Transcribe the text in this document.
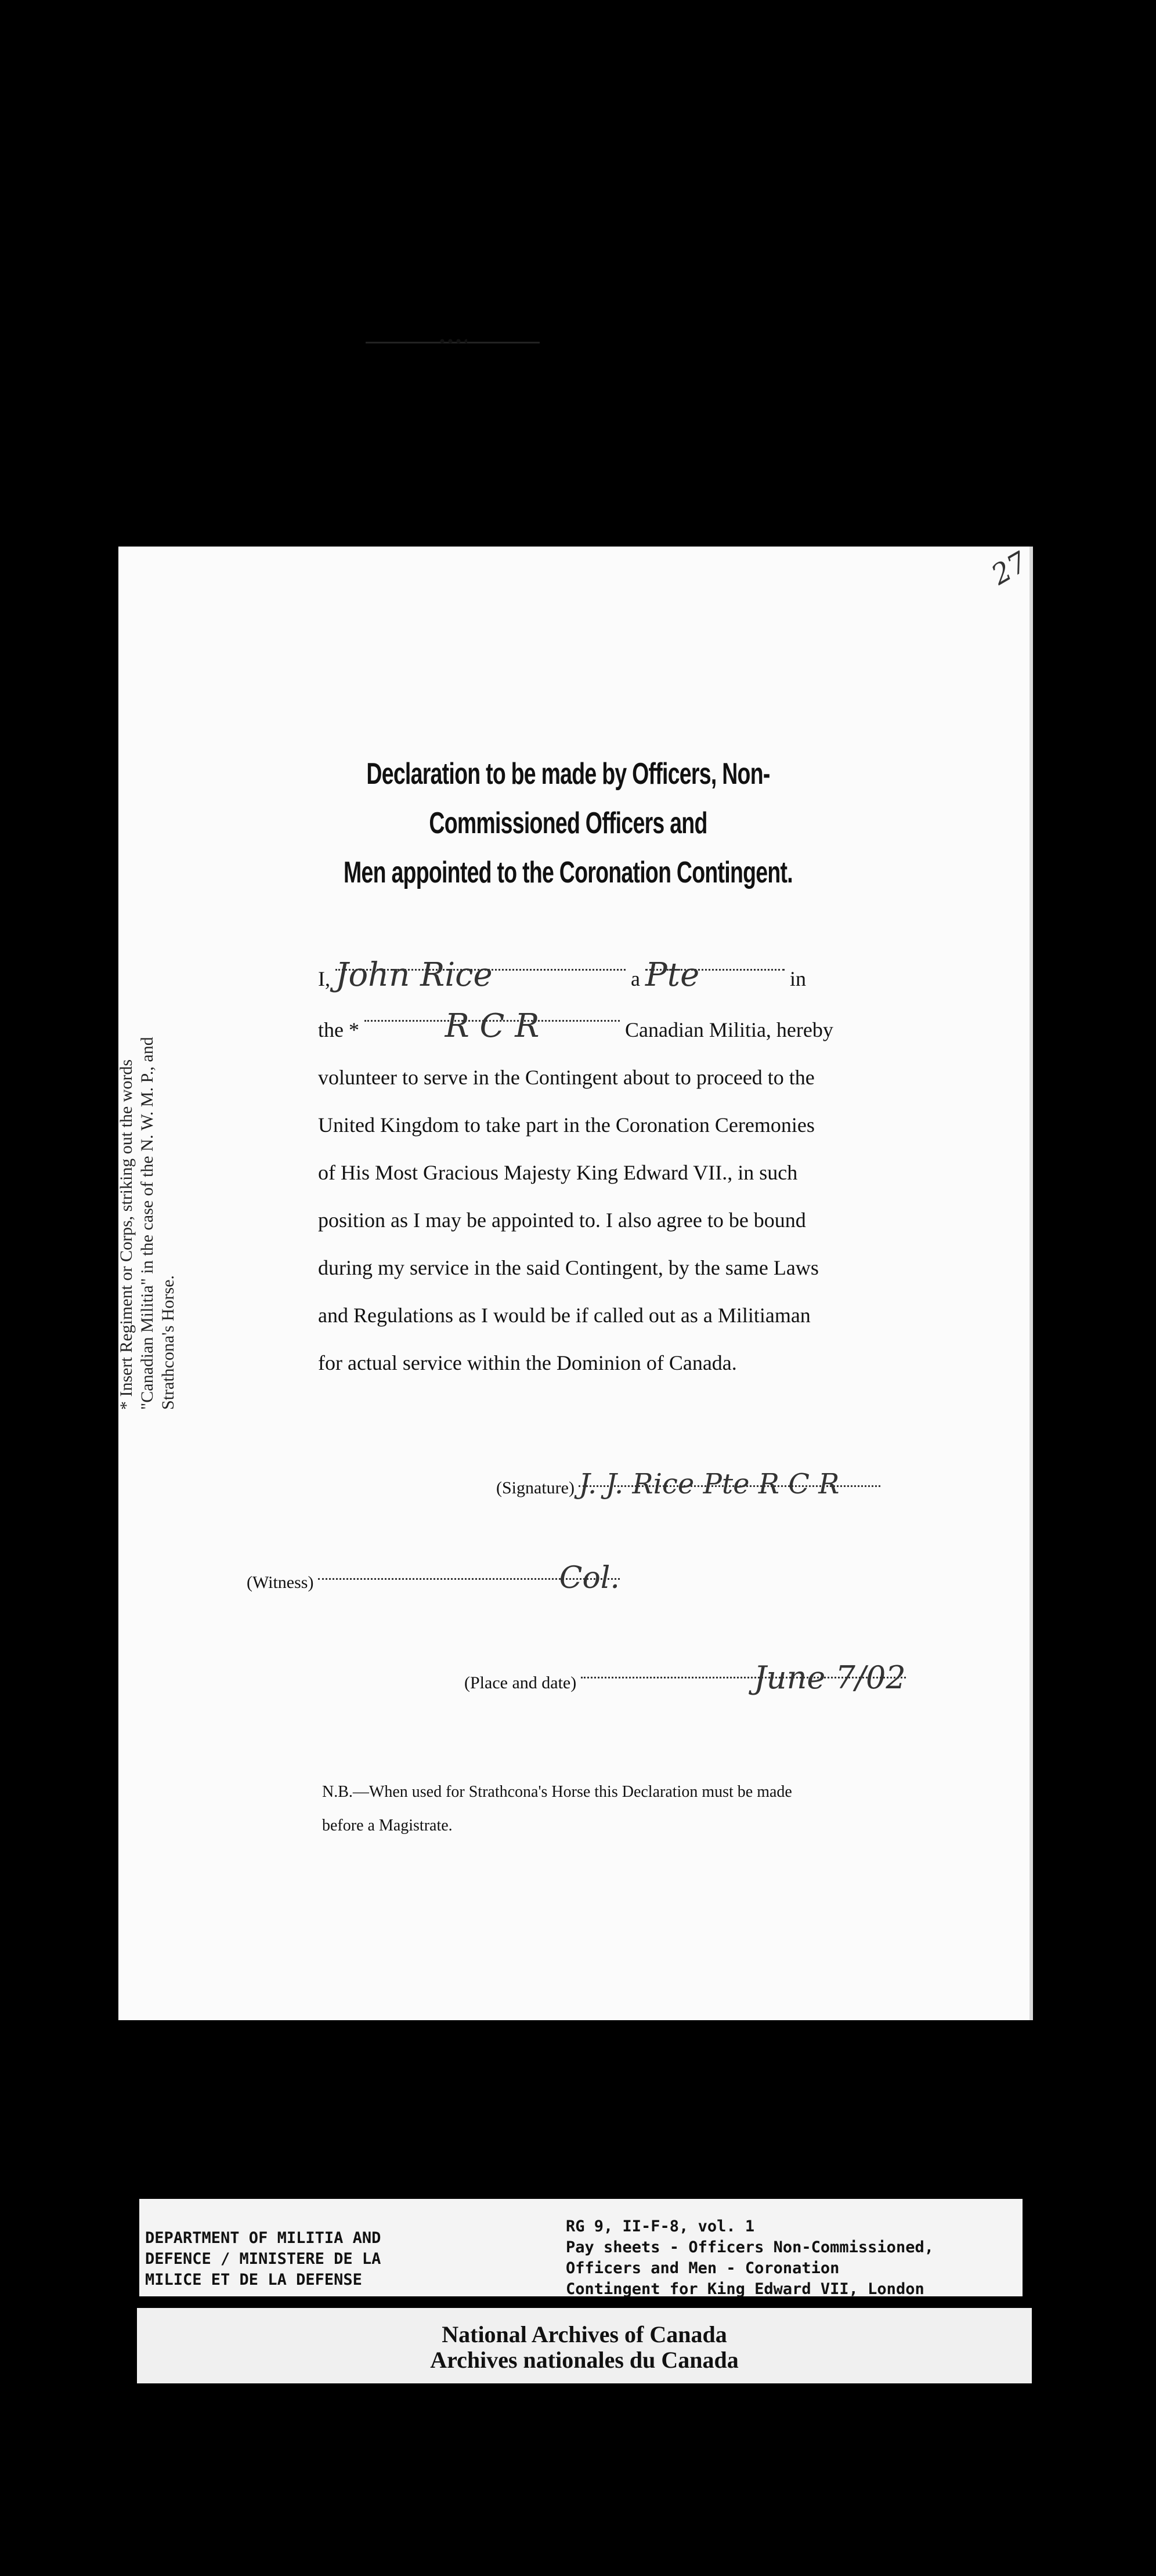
27
Declaration to be made by Officers, Non-Commissioned Officers and
Men appointed to the Coronation Contingent.
* Insert Regiment or Corps, striking out the words "Canadian Militia" in the case of the N. W. M. P., and Strathcona's Horse.
I, John Rice	a Pte	in
the *	R C R	Canadian Militia, hereby
volunteer to serve in the Contingent about to proceed to the
United Kingdom to take part in the Coronation Ceremonies
of His Most Gracious Majesty King Edward VII., in such
position as I may be appointed to. I also agree to be bound
during my service in the said Contingent, by the same Laws
and Regulations as I would be if called out as a Militiaman
for actual service within the Dominion of Canada.
(Signature) J. J. Rice Pte R C R
(Witness)	Col.
(Place and date)	June 7/02

N.B.—When used for Strathcona's Horse this Declaration must be made

before a Magistrate.

DEPARTMENT OF MILITIA AND
DEFENCE / MINISTERE DE LA
MILICE ET DE LA DEFENSE
RG 9, II-F-8, vol. 1
Pay sheets - Officers Non-Commissioned,
Officers and Men - Coronation
Contingent for King Edward VII, London
National Archives of Canada
Archives nationales du Canada
